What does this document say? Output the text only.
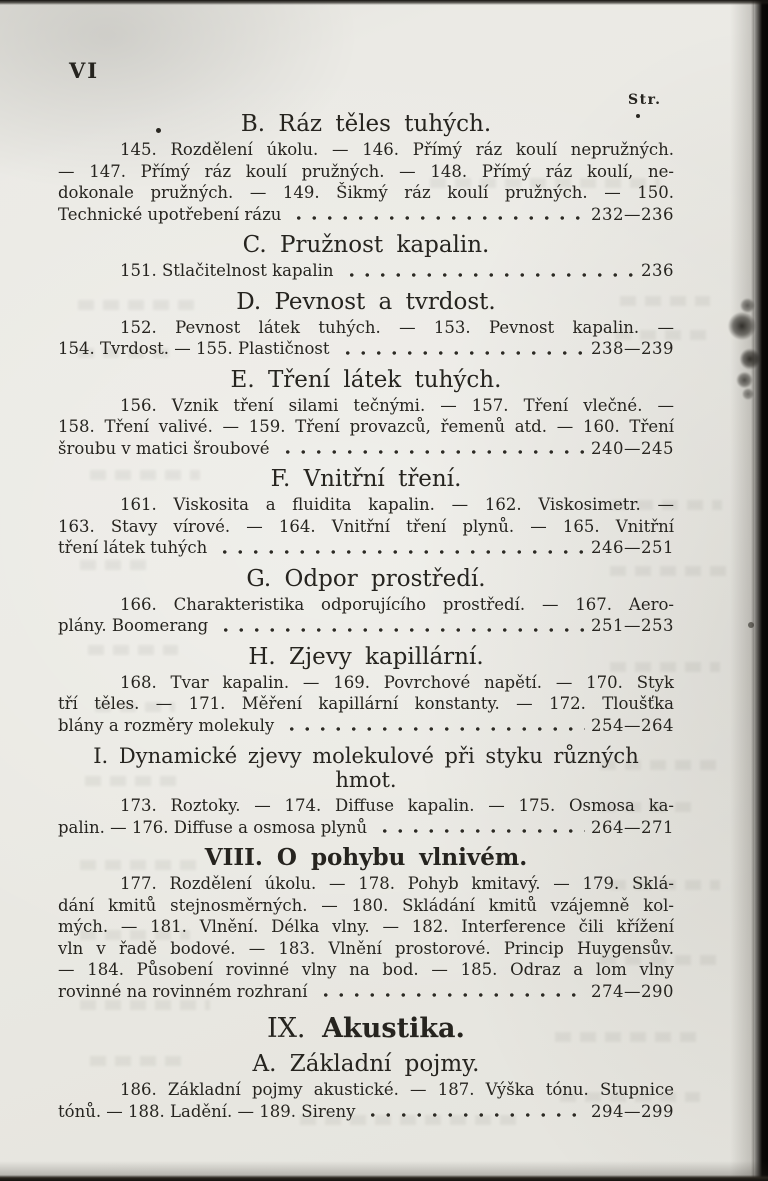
VI
Str.
B. Ráz těles tuhých.
145. Rozdělení úkolu. — 146. Přímý ráz koulí nepružných.
— 147. Přímý ráz koulí pružných. — 148. Přímý ráz koulí, ne-
dokonale pružných. — 149. Šikmý ráz koulí pružných. — 150.
Technické upotřebení rázu	232—236
C. Pružnost kapalin.
151. Stlačitelnost kapalin	236
D. Pevnost a tvrdost.
152. Pevnost látek tuhých. — 153. Pevnost kapalin. —
154. Tvrdost. — 155. Plastičnost	238—239
E. Tření látek tuhých.
156. Vznik tření silami tečnými. — 157. Tření vlečné. —
158. Tření valivé. — 159. Tření provazců, řemenů atd. — 160. Tření
šroubu v matici šroubové	240—245
F. Vnitřní tření.
161. Viskosita a fluidita kapalin. — 162. Viskosimetr. —
163. Stavy vírové. — 164. Vnitřní tření plynů. — 165. Vnitřní
tření látek tuhých	246—251
G. Odpor prostředí.
166. Charakteristika odporujícího prostředí. — 167. Aero-
plány. Boomerang	251—253
H. Zjevy kapillární.
168. Tvar kapalin. — 169. Povrchové napětí. — 170. Styk
tří těles. — 171. Měření kapillární konstanty. — 172. Tloušťka
blány a rozměry molekuly	254—264
I. Dynamické zjevy molekulové při styku různých hmot.
173. Roztoky. — 174. Diffuse kapalin. — 175. Osmosa ka-
palin. — 176. Diffuse a osmosa plynů	264—271
VIII. O pohybu vlnivém.
177. Rozdělení úkolu. — 178. Pohyb kmitavý. — 179. Sklá-
dání kmitů stejnosměrných. — 180. Skládání kmitů vzájemně kol-
mých. — 181. Vlnění. Délka vlny. — 182. Interference čili křížení
vln v řadě bodové. — 183. Vlnění prostorové. Princip Huygensův.
— 184. Působení rovinné vlny na bod. — 185. Odraz a lom vlny
rovinné na rovinném rozhraní	274—290
IX. Akustika.
A. Základní pojmy.
186. Základní pojmy akustické. — 187. Výška tónu. Stupnice
tónů. — 188. Ladění. — 189. Sireny	294—299
